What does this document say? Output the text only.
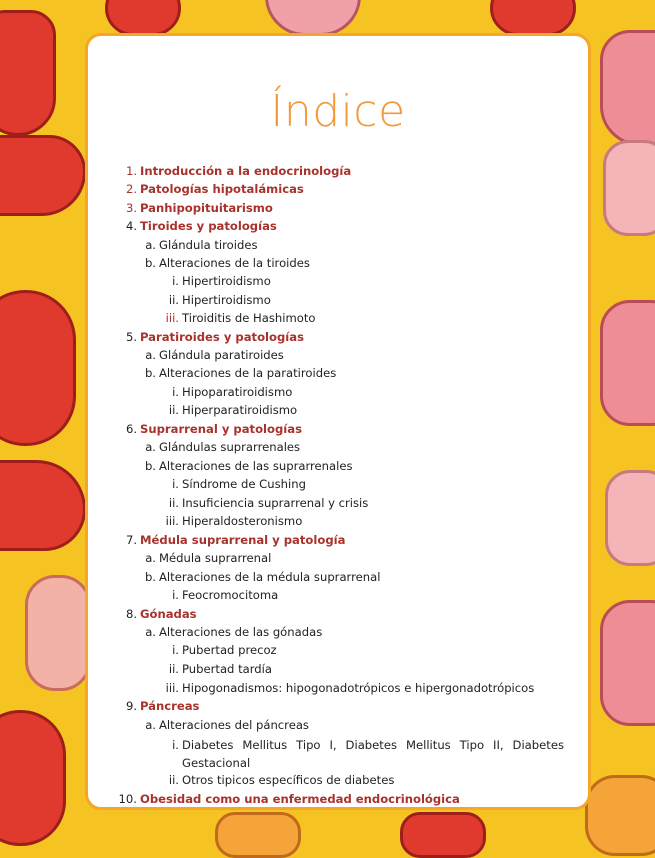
Índice
1. Introducción a la endocrinología
2. Patologías hipotalámicas
3. Panhipopituitarismo
4. Tiroides y patologías
a. Glándula tiroides
b. Alteraciones de la tiroides
i. Hipertiroidismo
ii. Hipertiroidismo
iii. Tiroiditis de Hashimoto
5. Paratiroides y patologías
a. Glándula paratiroides
b. Alteraciones de la paratiroides
i. Hipoparatiroidismo
ii. Hiperparatiroidismo
6. Suprarrenal y patologías
a. Glándulas suprarrenales
b. Alteraciones de las suprarrenales
i. Síndrome de Cushing
ii. Insuficiencia suprarrenal y crisis
iii. Hiperaldosteronismo
7. Médula suprarrenal y patología
a. Médula suprarrenal
b. Alteraciones de la médula suprarrenal
i. Feocromocitoma
8. Gónadas
a. Alteraciones de las gónadas
i. Pubertad precoz
ii. Pubertad tardía
iii. Hipogonadismos: hipogonadotrópicos e hipergonadotrópicos
9. Páncreas
a. Alteraciones del páncreas
i. Diabetes Mellitus Tipo I, Diabetes Mellitus Tipo II, Diabetes Gestacional
ii. Otros tipicos específicos de diabetes
10. Obesidad como una enfermedad endocrinológica
